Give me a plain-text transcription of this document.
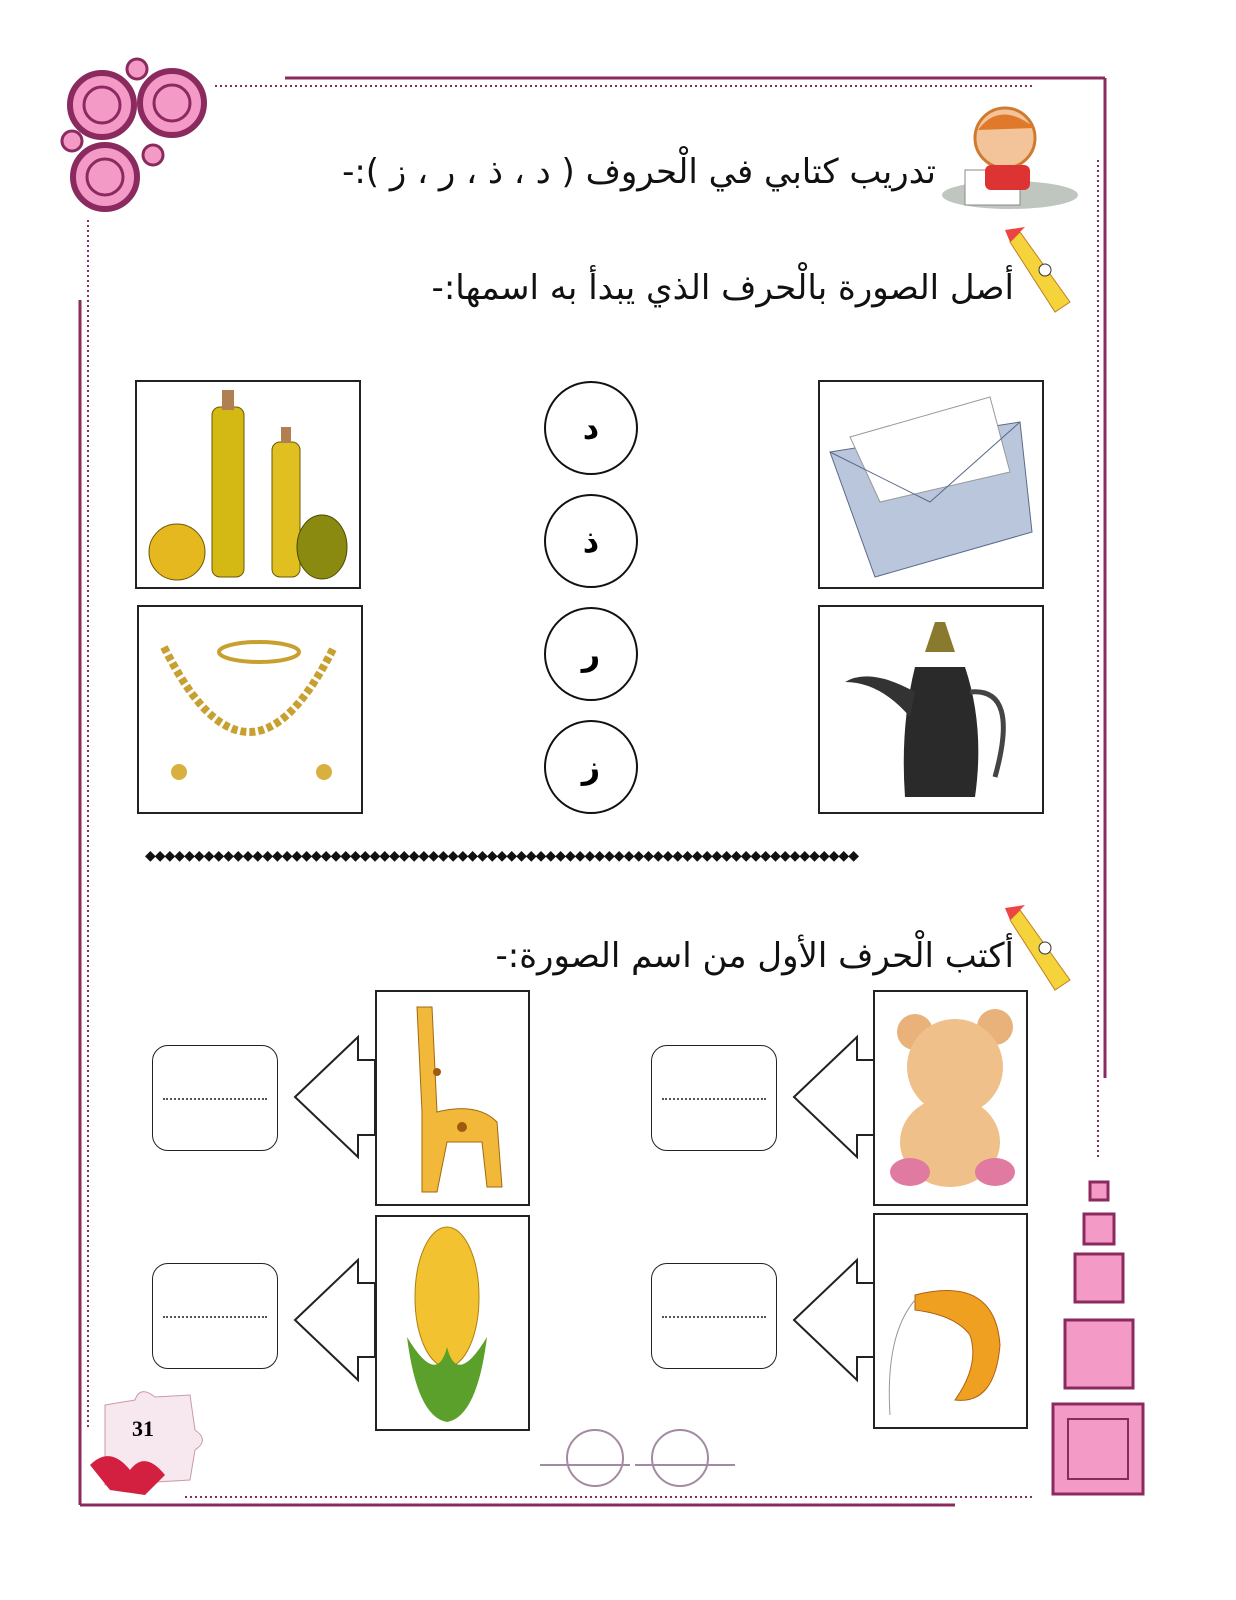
تدريب كتابي في الْحروف ( د ، ذ ، ر ، ز ):-
أصل الصورة بالْحرف الذي يبدأ به اسمها:-
د
ذ
ر
ز
◆◆◆◆◆◆◆◆◆◆◆◆◆◆◆◆◆◆◆◆◆◆◆◆◆◆◆◆◆◆◆◆◆◆◆◆◆◆◆◆◆◆◆◆◆◆◆◆◆◆◆◆◆◆◆◆◆◆◆◆◆◆◆◆◆◆◆◆◆◆◆◆◆
أكتب الْحرف الأول من اسم الصورة:-
31
